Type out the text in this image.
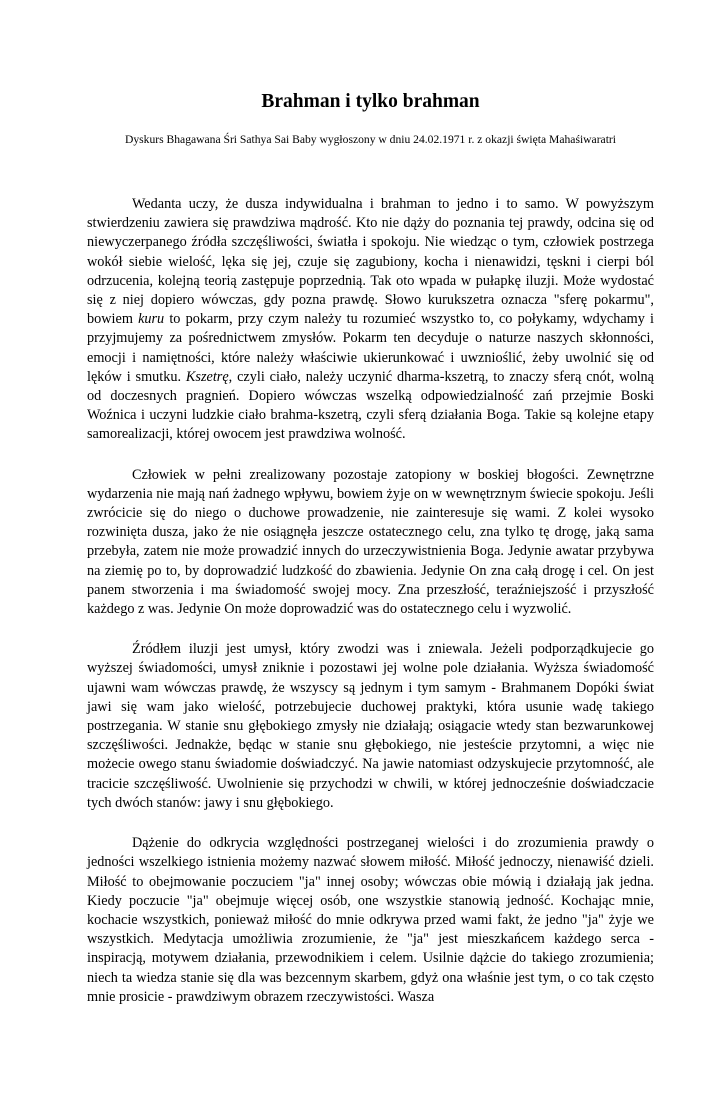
Brahman i tylko brahman
Dyskurs Bhagawana Śri Sathya Sai Baby wygłoszony w dniu 24.02.1971 r. z okazji święta Mahaśiwaratri

Wedanta uczy, że dusza indywidualna i brahman to jedno i to samo. W powyższym stwierdzeniu zawiera się prawdziwa mądrość. Kto nie dąży do poznania tej prawdy, odcina się od niewyczerpanego źródła szczęśliwości, światła i spokoju. Nie wiedząc o tym, człowiek postrzega wokół siebie wielość, lęka się jej, czuje się zagubiony, kocha i nienawidzi, tęskni i cierpi ból odrzucenia, kolejną teorią zastępuje poprzednią. Tak oto wpada w pułapkę iluzji. Może wydostać się z niej dopiero wówczas, gdy pozna prawdę. Słowo kurukszetra oznacza "sferę pokarmu", bowiem kuru to pokarm, przy czym należy tu rozumieć wszystko to, co połykamy, wdychamy i przyjmujemy za pośrednictwem zmysłów. Pokarm ten decyduje o naturze naszych skłonności, emocji i namiętności, które należy właściwie ukierunkować i uwznioślić, żeby uwolnić się od lęków i smutku. Kszetrę, czyli ciało, należy uczynić dharma-kszetrą, to znaczy sferą cnót, wolną od doczesnych pragnień. Dopiero wówczas wszelką odpowiedzialność zań przejmie Boski Woźnica i uczyni ludzkie ciało brahma-kszetrą, czyli sferą działania Boga. Takie są kolejne etapy samorealizacji, której owocem jest prawdziwa wolność.

Człowiek w pełni zrealizowany pozostaje zatopiony w boskiej błogości. Zewnętrzne wydarzenia nie mają nań żadnego wpływu, bowiem żyje on w wewnętrznym świecie spokoju. Jeśli zwrócicie się do niego o duchowe prowadzenie, nie zainteresuje się wami. Z kolei wysoko rozwinięta dusza, jako że nie osiągnęła jeszcze ostatecznego celu, zna tylko tę drogę, jaką sama przebyła, zatem nie może prowadzić innych do urzeczywistnienia Boga. Jedynie awatar przybywa na ziemię po to, by doprowadzić ludzkość do zbawienia. Jedynie On zna całą drogę i cel. On jest panem stworzenia i ma świadomość swojej mocy. Zna przeszłość, teraźniejszość i przyszłość każdego z was. Jedynie On może doprowadzić was do ostatecznego celu i wyzwolić.

Źródłem iluzji jest umysł, który zwodzi was i zniewala. Jeżeli podporządkujecie go wyższej świadomości, umysł zniknie i pozostawi jej wolne pole działania. Wyższa świadomość ujawni wam wówczas prawdę, że wszyscy są jednym i tym samym - Brahmanem Dopóki świat jawi się wam jako wielość, potrzebujecie duchowej praktyki, która usunie wadę takiego postrzegania. W stanie snu głębokiego zmysły nie działają; osiągacie wtedy stan bezwarunkowej szczęśliwości. Jednakże, będąc w stanie snu głębokiego, nie jesteście przytomni, a więc nie możecie owego stanu świadomie doświadczyć. Na jawie natomiast odzyskujecie przytomność, ale tracicie szczęśliwość. Uwolnienie się przychodzi w chwili, w której jednocześnie doświadczacie tych dwóch stanów: jawy i snu głębokiego.

Dążenie do odkrycia względności postrzeganej wielości i do zrozumienia prawdy o jedności wszelkiego istnienia możemy nazwać słowem miłość. Miłość jednoczy, nienawiść dzieli. Miłość to obejmowanie poczuciem "ja" innej osoby; wówczas obie mówią i działają jak jedna. Kiedy poczucie "ja" obejmuje więcej osób, one wszystkie stanowią jedność. Kochając mnie, kochacie wszystkich, ponieważ miłość do mnie odkrywa przed wami fakt, że jedno "ja" żyje we wszystkich. Medytacja umożliwia zrozumienie, że "ja" jest mieszkańcem każdego serca - inspiracją, motywem działania, przewodnikiem i celem. Usilnie dążcie do takiego zrozumienia; niech ta wiedza stanie się dla was bezcennym skarbem, gdyż ona właśnie jest tym, o co tak często mnie prosicie - prawdziwym obrazem rzeczywistości. Wasza
